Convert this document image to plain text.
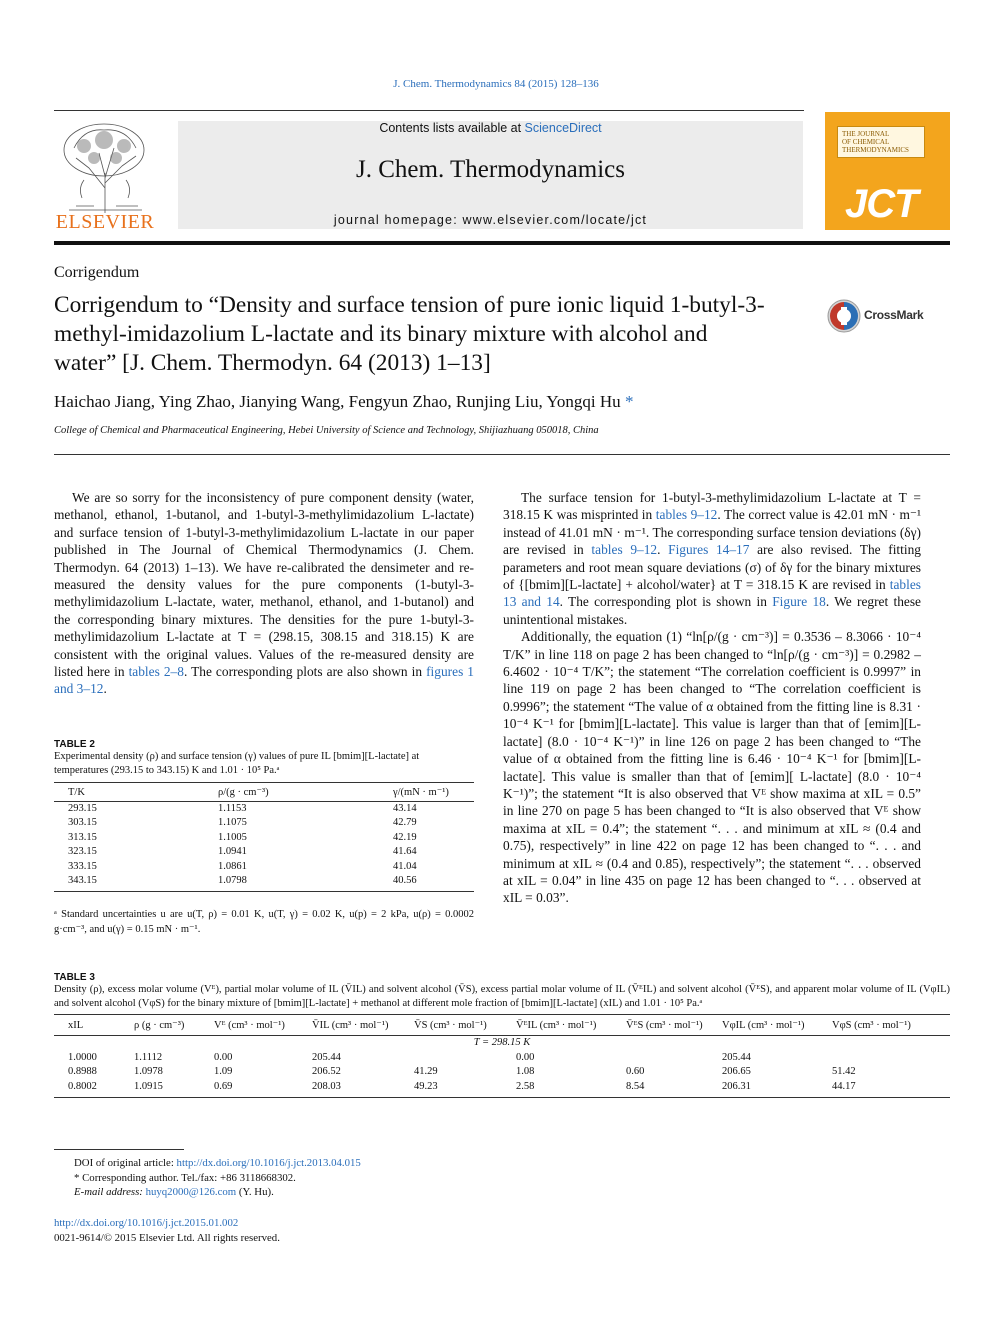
J. Chem. Thermodynamics 84 (2015) 128–136
ELSEVIER
Contents lists available at ScienceDirect
J. Chem. Thermodynamics
journal homepage: www.elsevier.com/locate/jct
THE JOURNAL
OF CHEMICAL
THERMODYNAMICS
JCT
Corrigendum
Corrigendum to “Density and surface tension of pure ionic liquid 1-butyl-3-methyl-imidazolium L-lactate and its binary mixture with alcohol and water” [J. Chem. Thermodyn. 64 (2013) 1–13]
CrossMark
Haichao Jiang, Ying Zhao, Jianying Wang, Fengyun Zhao, Runjing Liu, Yongqi Hu *
College of Chemical and Pharmaceutical Engineering, Hebei University of Science and Technology, Shijiazhuang 050018, China

We are so sorry for the inconsistency of pure component density (water, methanol, ethanol, 1-butanol, and 1-butyl-3-methylimidazolium L-lactate) and surface tension of 1-butyl-3-methylimidazolium L-lactate in our paper published in The Journal of Chemical Thermodynamics (J. Chem. Thermodyn. 64 (2013) 1–13). We have re-calibrated the densimeter and re-measured the density values for the pure components (1-butyl-3-methylimidazolium L-lactate, water, methanol, ethanol, and 1-butanol) and the corresponding binary mixtures. The densities for the pure 1-butyl-3-methylimidazolium L-lactate at T = (298.15, 308.15 and 318.15) K are consistent with the original values. Values of the re-measured density are listed here in tables 2–8. The corresponding plots are also shown in figures 1 and 3–12.

The surface tension for 1-butyl-3-methylimidazolium L-lactate at T = 318.15 K was misprinted in tables 9–12. The correct value is 42.01 mN · m⁻¹ instead of 41.01 mN · m⁻¹. The corresponding surface tension deviations (δγ) are revised in tables 9–12. Figures 14–17 are also revised. The fitting parameters and root mean square deviations (σ) of δγ for the binary mixtures of {[bmim][L-lactate] + alcohol/water} at T = 318.15 K are revised in tables 13 and 14. The corresponding plot is shown in Figure 18. We regret these unintentional mistakes.

Additionally, the equation (1) “ln[ρ/(g · cm⁻³)] = 0.3536 – 8.3066 · 10⁻⁴ T/K” in line 118 on page 2 has been changed to “ln[ρ/(g · cm⁻³)] = 0.2982 – 6.4602 · 10⁻⁴ T/K”; the statement “The correlation coefficient is 0.9997” in line 119 on page 2 has been changed to “The correlation coefficient is 0.9996”; the statement “The value of α obtained from the fitting line is 8.31 · 10⁻⁴ K⁻¹ for [bmim][L-lactate]. This value is larger than that of [emim][L-lactate] (8.0 · 10⁻⁴ K⁻¹)” in line 126 on page 2 has been changed to “The value of α obtained from the fitting line is 6.46 · 10⁻⁴ K⁻¹ for [bmim][L-lactate]. This value is smaller than that of [emim][ L-lactate] (8.0 · 10⁻⁴ K⁻¹)”; the statement “It is also observed that Vᴱ show maxima at xIL = 0.5” in line 270 on page 5 has been changed to “It is also observed that Vᴱ show maxima at xIL = 0.4”; the statement “. . . and minimum at xIL ≈ (0.4 and 0.75), respectively” in line 422 on page 12 has been changed to “. . . and minimum at xIL ≈ (0.4 and 0.85), respectively”; the statement “. . . observed at xIL = 0.04” in line 435 on page 12 has been changed to “. . . observed at xIL = 0.03”.

TABLE 2
Experimental density (ρ) and surface tension (γ) values of pure IL [bmim][L-lactate] at temperatures (293.15 to 343.15) K and 1.01 · 10⁵ Pa.ᵃ
T/K	ρ/(g · cm⁻³)	γ/(mN · m⁻¹)
293.15	1.1153	43.14
303.15	1.1075	42.79
313.15	1.1005	42.19
323.15	1.0941	41.64
333.15	1.0861	41.04
343.15	1.0798	40.56
ᵃ Standard uncertainties u are u(T, ρ) = 0.01 K, u(T, γ) = 0.02 K, u(p) = 2 kPa, u(ρ) = 0.0002 g·cm⁻³, and u(γ) = 0.15 mN · m⁻¹.
TABLE 3
Density (ρ), excess molar volume (Vᴱ), partial molar volume of IL (V̄IL) and solvent alcohol (V̄S), excess partial molar volume of IL (V̄ᴱIL) and solvent alcohol (V̄ᴱS), and apparent molar volume of IL (VφIL) and solvent alcohol (VφS) for the binary mixture of [bmim][L-lactate] + methanol at different mole fraction of [bmim][L-lactate] (xIL) and 1.01 · 10⁵ Pa.ᵃ
xIL	ρ (g · cm⁻³)	Vᴱ (cm³ · mol⁻¹)	V̄IL (cm³ · mol⁻¹)	V̄S (cm³ · mol⁻¹)	V̄ᴱIL (cm³ · mol⁻¹)	V̄ᴱS (cm³ · mol⁻¹)	VφIL (cm³ · mol⁻¹)	VφS (cm³ · mol⁻¹)
T = 298.15 K								
1.0000	1.1112	0.00	205.44		0.00		205.44	
0.8988	1.0978	1.09	206.52	41.29	1.08	0.60	206.65	51.42
0.8002	1.0915	0.69	208.03	49.23	2.58	8.54	206.31	44.17
DOI of original article: http://dx.doi.org/10.1016/j.jct.2013.04.015
* Corresponding author. Tel./fax: +86 3118668302.
E-mail address: huyq2000@126.com (Y. Hu).
http://dx.doi.org/10.1016/j.jct.2015.01.002
0021-9614/© 2015 Elsevier Ltd. All rights reserved.
